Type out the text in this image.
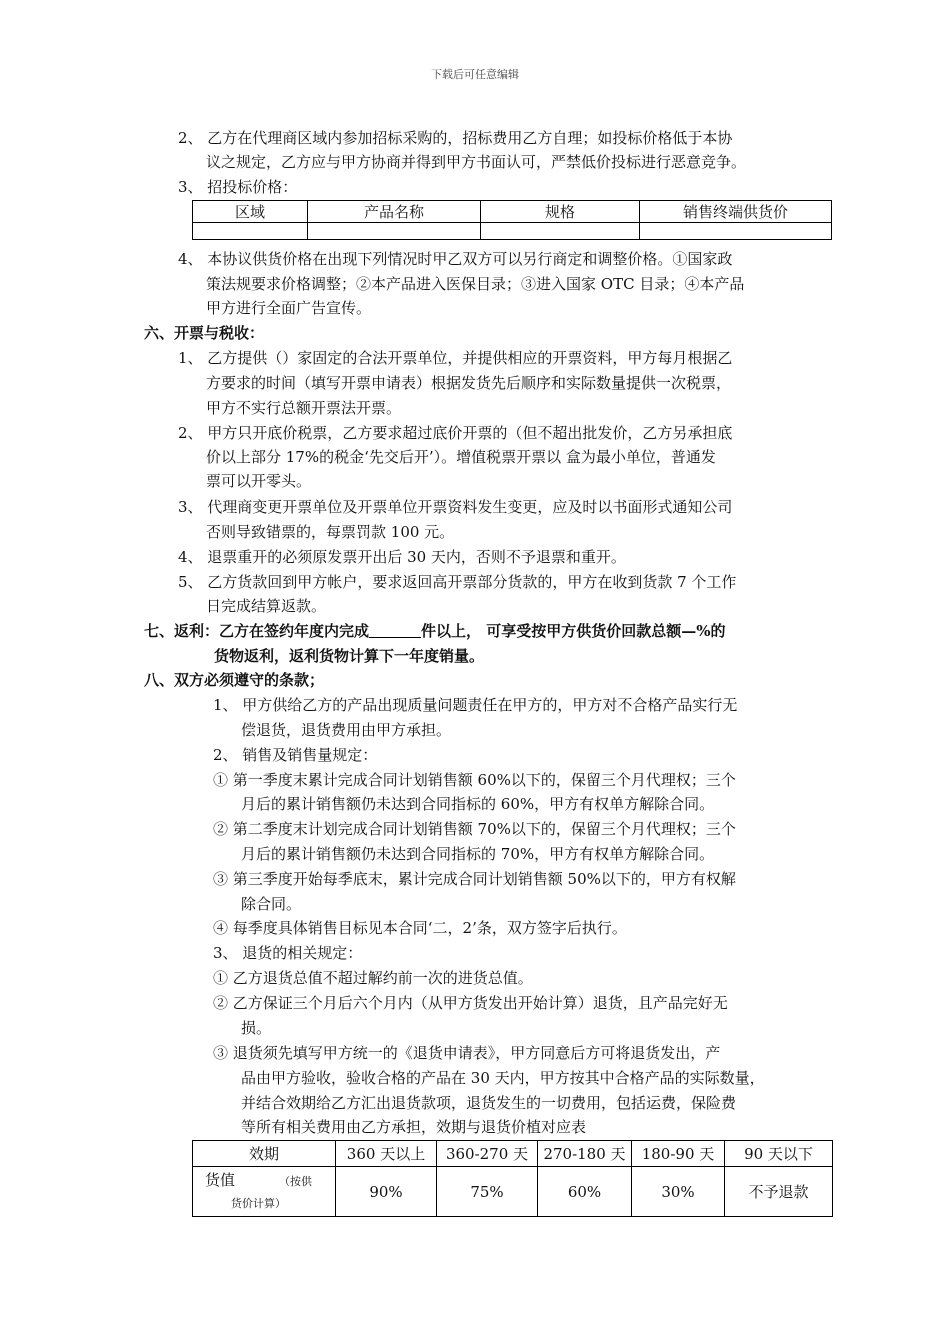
下载后可任意编辑
2、 乙方在代理商区域内参加招标采购的，招标费用乙方自理；如投标价格低于本协
议之规定，乙方应与甲方协商并得到甲方书面认可，严禁低价投标进行恶意竞争。
3、 招投标价格：
区域	产品名称	规格	销售终端供货价

4、 本协议供货价格在出现下列情况时甲乙双方可以另行商定和调整价格。①国家政
策法规要求价格调整；②本产品进入医保目录；③进入国家 OTC 目录；④本产品
甲方进行全面广告宣传。
六、开票与税收：
1、 乙方提供（）家固定的合法开票单位，并提供相应的开票资料，甲方每月根据乙
方要求的时间（填写开票申请表）根据发货先后顺序和实际数量提供一次税票，
甲方不实行总额开票法开票。
2、 甲方只开底价税票，乙方要求超过底价开票的（但不超出批发价，乙方另承担底
价以上部分 17%的税金‘先交后开’）。增值税票开票以 盒为最小单位，普通发
票可以开零头。
3、 代理商变更开票单位及开票单位开票资料发生变更，应及时以书面形式通知公司
否则导致错票的，每票罚款 100 元。
4、 退票重开的必须原发票开出后 30 天内，否则不予退票和重开。
5、 乙方货款回到甲方帐户，要求返回高开票部分货款的，甲方在收到货款 7 个工作
日完成结算返款。
七、返利：乙方在签约年度内完成	件以上， 可享受按甲方供货价回款总额—%的
货物返利，返利货物计算下一年度销量。
八、双方必须遵守的条款；
1、 甲方供给乙方的产品出现质量问题责任在甲方的，甲方对不合格产品实行无
偿退货，退货费用由甲方承担。
2、 销售及销售量规定：
① 第一季度末累计完成合同计划销售额 60%以下的，保留三个月代理权；三个
月后的累计销售额仍未达到合同指标的 60%，甲方有权单方解除合同。
② 第二季度末计划完成合同计划销售额 70%以下的，保留三个月代理权；三个
月后的累计销售额仍未达到合同指标的 70%，甲方有权单方解除合同。
③ 第三季度开始每季底末，累计完成合同计划销售额 50%以下的，甲方有权解
除合同。
④ 每季度具体销售目标见本合同‘二，2’条，双方签字后执行。
3、 退货的相关规定：
① 乙方退货总值不超过解约前一次的进货总值。
② 乙方保证三个月后六个月内（从甲方货发出开始计算）退货，且产品完好无
损。
③ 退货须先填写甲方统一的《退货申请表》，甲方同意后方可将退货发出，产
品由甲方验收，验收合格的产品在 30 天内，甲方按其中合格产品的实际数量，
并结合效期给乙方汇出退货款项，退货发生的一切费用，包括运费，保险费
等所有相关费用由乙方承担，效期与退货价植对应表
效期	360 天以上	360-270 天	270-180 天	180-90 天	90 天以下
货值 （按供
货价计算）	90%	75%	60%	30%	不予退款
